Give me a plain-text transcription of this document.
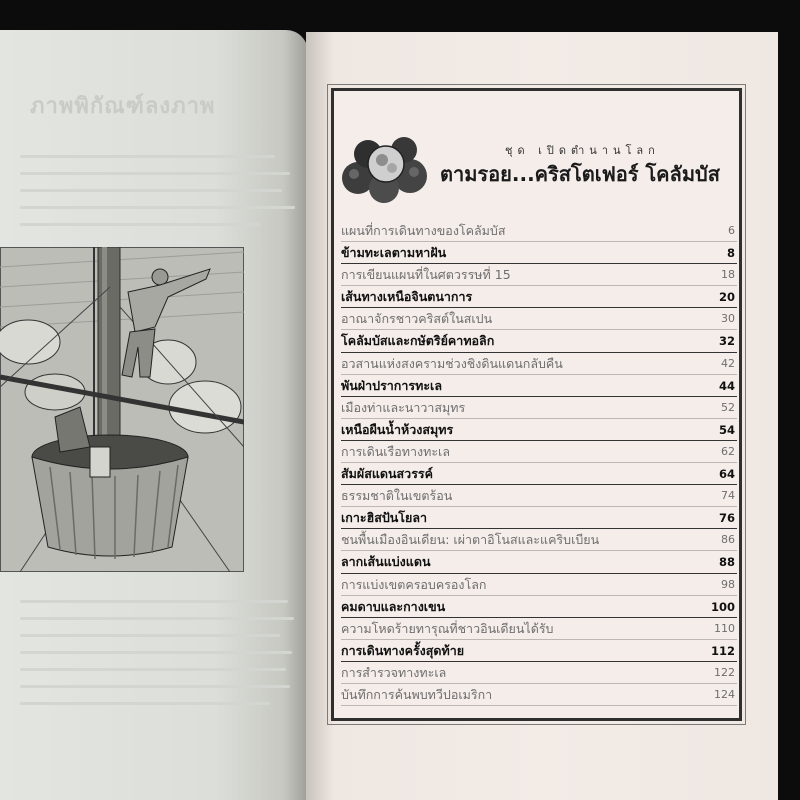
ภาพพิกัณฑ์ลงภาพ
ชุด เปิดตำนานโลก
ตามรอย...คริสโตเฟอร์ โคลัมบัส
แผนที่การเดินทางของโคลัมบัส	6
ข้ามทะเลตามหาฝัน	8
การเขียนแผนที่ในศตวรรษที่ 15	18
เส้นทางเหนือจินตนาการ	20
อาณาจักรชาวคริสต์ในสเปน	30
โคลัมบัสและกษัตริย์คาทอลิก	32
อวสานแห่งสงครามช่วงชิงดินแดนกลับคืน	42
พันฝ่าปราการทะเล	44
เมืองท่าและนาวาสมุทร	52
เหนือผืนน้ำห้วงสมุทร	54
การเดินเรือทางทะเล	62
สัมผัสแดนสวรรค์	64
ธรรมชาติในเขตร้อน	74
เกาะฮิสปันโยลา	76
ชนพื้นเมืองอินเดียน: เผ่าตาอิโนสและแคริบเบียน	86
ลากเส้นแบ่งแดน	88
การแบ่งเขตครอบครองโลก	98
คมดาบและกางเขน	100
ความโหดร้ายทารุณที่ชาวอินเดียนได้รับ	110
การเดินทางครั้งสุดท้าย	112
การสำรวจทางทะเล	122
บันทึกการค้นพบทวีปอเมริกา	124
